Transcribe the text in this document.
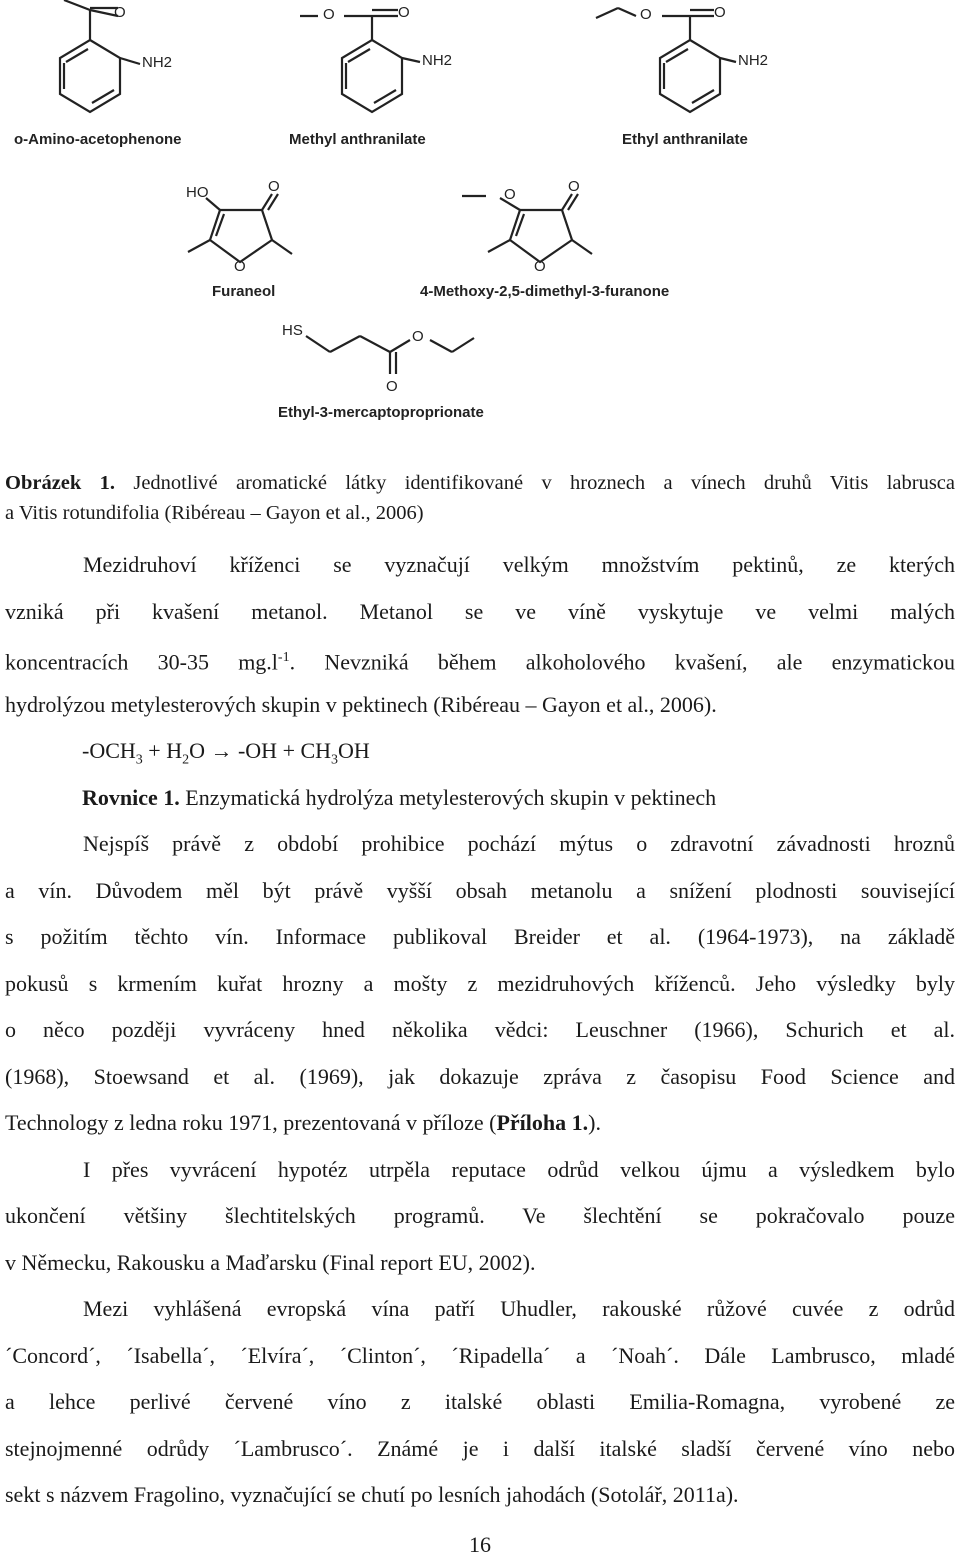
O
NH2
O	O
NH2
O	O
NH2
HO	O
O
O	O
O
HS	O
O
o-Amino-acetophenone	Methyl anthranilate	Ethyl anthranilate
Furaneol	4-Methoxy-2,5-dimethyl-3-furanone
Ethyl-3-mercaptoproprionate
Obrázek 1. Jednotlivé aromatické látky identifikované v hroznech a vínech druhů Vitis labrusca
a Vitis rotundifolia (Ribéreau – Gayon et al., 2006)
Mezidruhoví kříženci se vyznačují velkým množstvím pektinů, ze kterých
vzniká při kvašení metanol. Metanol se ve víně vyskytuje ve velmi malých
koncentracích 30-35 $mg.l^{-1}$. Nevzniká během alkoholového kvašení, ale enzymatickou
hydrolýzou metylesterových skupin v pektinech (Ribéreau – Gayon et al., 2006).
$-OCH_3 + H_2O \to -OH + CH_3OH$
Rovnice 1. Enzymatická hydrolýza metylesterových skupin v pektinech
Nejspíš právě z období prohibice pochází mýtus o zdravotní závadnosti hroznů
a vín. Důvodem měl být právě vyšší obsah metanolu a snížení plodnosti související
s požitím těchto vín. Informace publikoval Breider et al. (1964-1973), na základě
pokusů s krmením kuřat hrozny a mošty z mezidruhových kříženců. Jeho výsledky byly
o něco později vyvráceny hned několika vědci: Leuschner (1966), Schurich et al.
(1968), Stoewsand et al. (1969), jak dokazuje zpráva z časopisu Food Science and
Technology z ledna roku 1971, prezentovaná v příloze (Příloha 1.).
I přes vyvrácení hypotéz utrpěla reputace odrůd velkou újmu a výsledkem bylo
ukončení většiny šlechtitelských programů. Ve šlechtění se pokračovalo pouze
v Německu, Rakousku a Maďarsku (Final report EU, 2002).
Mezi vyhlášená evropská vína patří Uhudler, rakouské růžové cuvée z odrůd
´Concord´, ´Isabella´, ´Elvíra´, ´Clinton´, ´Ripadella´ a ´Noah´. Dále Lambrusco, mladé
a lehce perlivé červené víno z italské oblasti Emilia-Romagna, vyrobené ze
stejnojmenné odrůdy ´Lambrusco´. Známé je i další italské sladší červené víno nebo
sekt s názvem Fragolino, vyznačující se chutí po lesních jahodách (Sotolář, 2011a).
16
